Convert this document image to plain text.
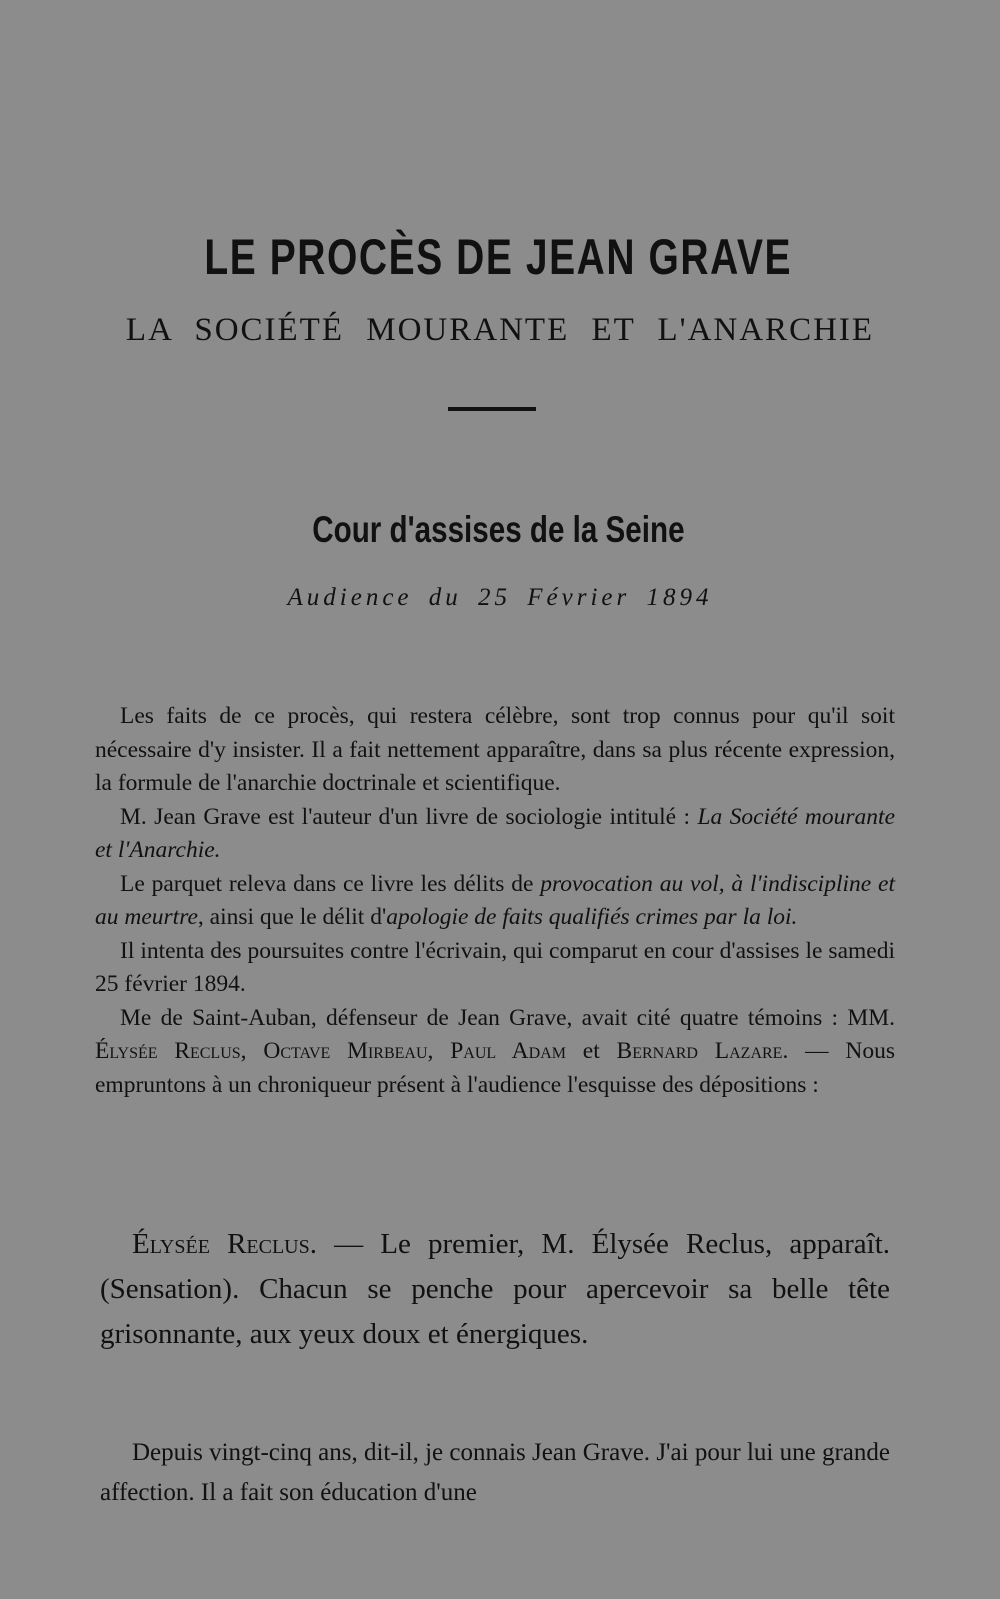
LE PROCÈS DE JEAN GRAVE
LA SOCIÉTÉ MOURANTE ET L'ANARCHIE
Cour d'assises de la Seine
Audience du 25 Février 1894

Les faits de ce procès, qui restera célèbre, sont trop connus pour qu'il soit nécessaire d'y insister. Il a fait nettement apparaître, dans sa plus récente expression, la formule de l'anarchie doctrinale et scientifique.

M. Jean Grave est l'auteur d'un livre de sociologie intitulé : La Société mourante et l'Anarchie.

Le parquet releva dans ce livre les délits de provocation au vol, à l'indiscipline et au meurtre, ainsi que le délit d'apologie de faits qualifiés crimes par la loi.

Il intenta des poursuites contre l'écrivain, qui comparut en cour d'assises le samedi 25 février 1894.

Me de Saint-Auban, défenseur de Jean Grave, avait cité quatre témoins : MM. Élysée Reclus, Octave Mirbeau, Paul Adam et Bernard Lazare. — Nous empruntons à un chroniqueur présent à l'audience l'esquisse des dépositions :

Élysée Reclus. — Le premier, M. Élysée Reclus, apparaît. (Sensation). Chacun se penche pour apercevoir sa belle tête grisonnante, aux yeux doux et énergiques.

Depuis vingt-cinq ans, dit-il, je connais Jean Grave. J'ai pour lui une grande affection. Il a fait son éducation d'une
